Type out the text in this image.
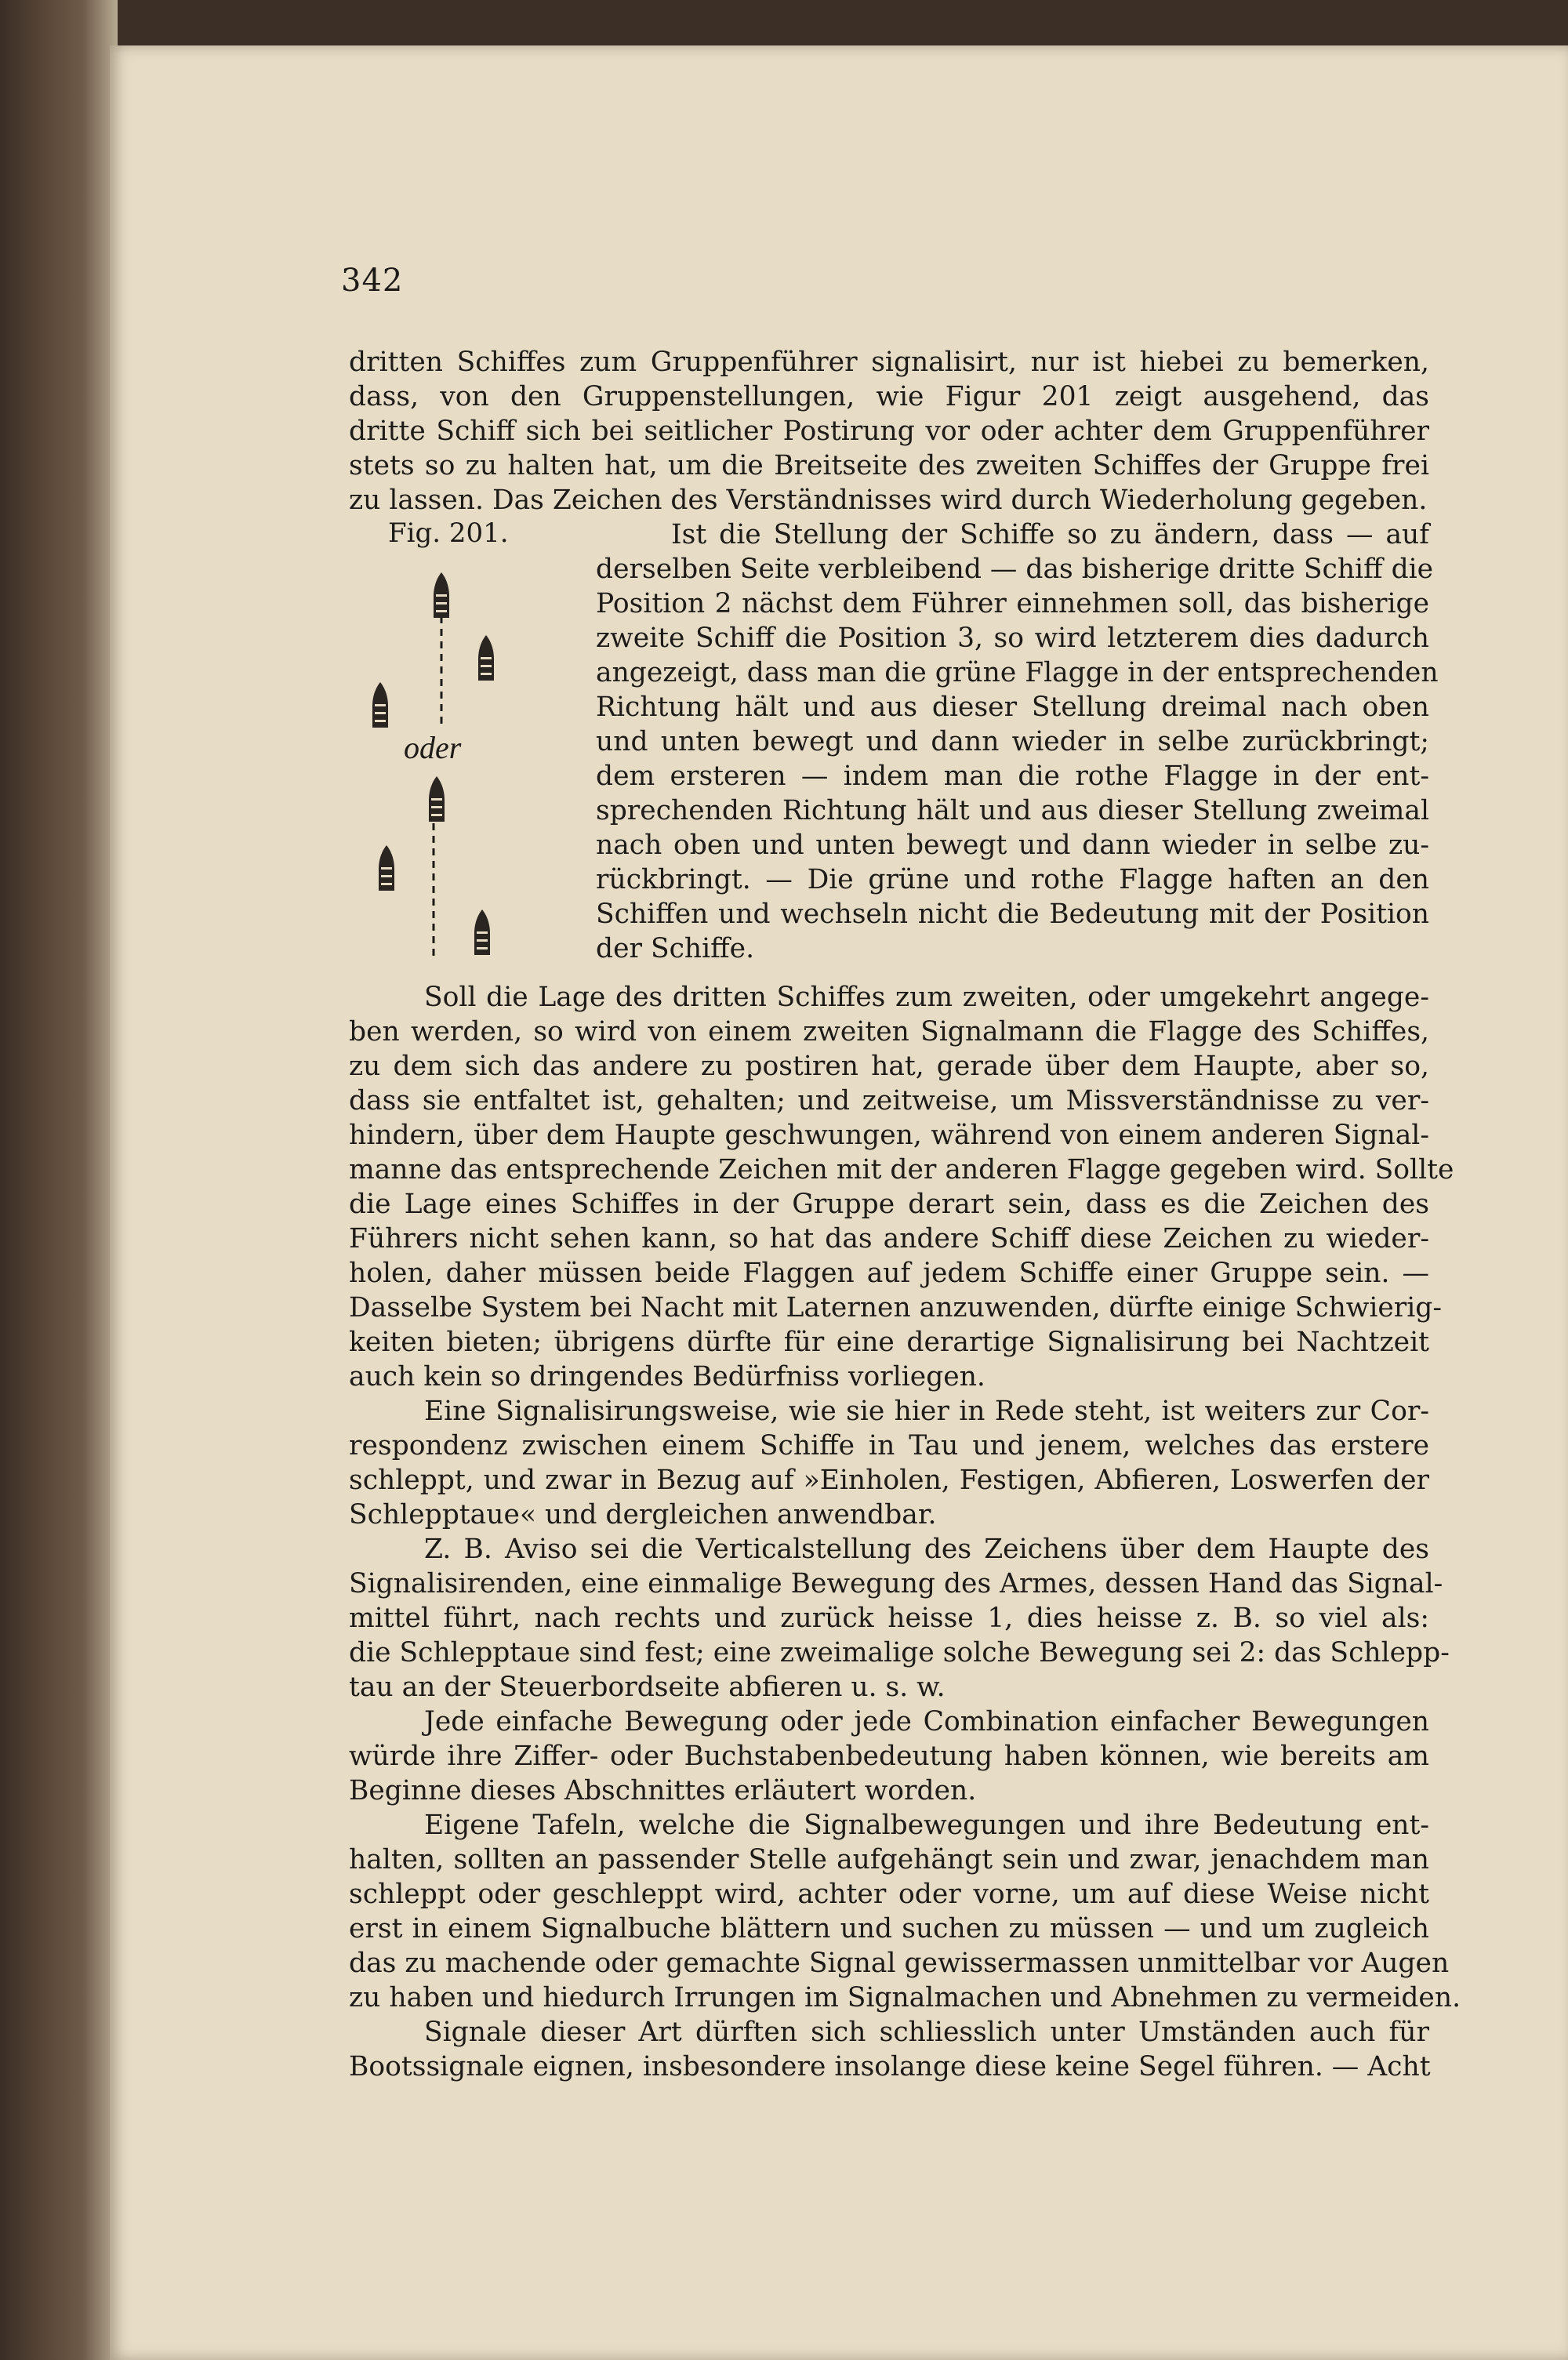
342
dritten Schiffes zum Gruppenführer signalisirt, nur ist hiebei zu bemerken,
dass, von den Gruppenstellungen, wie Figur 201 zeigt ausgehend, das
dritte Schiff sich bei seitlicher Postirung vor oder achter dem Gruppenführer
stets so zu halten hat, um die Breitseite des zweiten Schiffes der Gruppe frei
zu lassen. Das Zeichen des Verständnisses wird durch Wiederholung gegeben.
Fig. 201.
oder
Ist die Stellung der Schiffe so zu ändern, dass — auf
derselben Seite verbleibend — das bisherige dritte Schiff die
Position 2 nächst dem Führer einnehmen soll, das bisherige
zweite Schiff die Position 3, so wird letzterem dies dadurch
angezeigt, dass man die grüne Flagge in der entsprechenden
Richtung hält und aus dieser Stellung dreimal nach oben
und unten bewegt und dann wieder in selbe zurückbringt;
dem ersteren — indem man die rothe Flagge in der ent-
sprechenden Richtung hält und aus dieser Stellung zweimal
nach oben und unten bewegt und dann wieder in selbe zu-
rückbringt. — Die grüne und rothe Flagge haften an den
Schiffen und wechseln nicht die Bedeutung mit der Position
der Schiffe.
Soll die Lage des dritten Schiffes zum zweiten, oder umgekehrt angege-
ben werden, so wird von einem zweiten Signalmann die Flagge des Schiffes,
zu dem sich das andere zu postiren hat, gerade über dem Haupte, aber so,
dass sie entfaltet ist, gehalten; und zeitweise, um Missverständnisse zu ver-
hindern, über dem Haupte geschwungen, während von einem anderen Signal-
manne das entsprechende Zeichen mit der anderen Flagge gegeben wird. Sollte
die Lage eines Schiffes in der Gruppe derart sein, dass es die Zeichen des
Führers nicht sehen kann, so hat das andere Schiff diese Zeichen zu wieder-
holen, daher müssen beide Flaggen auf jedem Schiffe einer Gruppe sein. —
Dasselbe System bei Nacht mit Laternen anzuwenden, dürfte einige Schwierig-
keiten bieten; übrigens dürfte für eine derartige Signalisirung bei Nachtzeit
auch kein so dringendes Bedürfniss vorliegen.
Eine Signalisirungsweise, wie sie hier in Rede steht, ist weiters zur Cor-
respondenz zwischen einem Schiffe in Tau und jenem, welches das erstere
schleppt, und zwar in Bezug auf »Einholen, Festigen, Abfieren, Loswerfen der
Schlepptaue« und dergleichen anwendbar.
Z. B. Aviso sei die Verticalstellung des Zeichens über dem Haupte des
Signalisirenden, eine einmalige Bewegung des Armes, dessen Hand das Signal-
mittel führt, nach rechts und zurück heisse 1, dies heisse z. B. so viel als:
die Schlepptaue sind fest; eine zweimalige solche Bewegung sei 2: das Schlepp-
tau an der Steuerbordseite abfieren u. s. w.
Jede einfache Bewegung oder jede Combination einfacher Bewegungen
würde ihre Ziffer- oder Buchstabenbedeutung haben können, wie bereits am
Beginne dieses Abschnittes erläutert worden.
Eigene Tafeln, welche die Signalbewegungen und ihre Bedeutung ent-
halten, sollten an passender Stelle aufgehängt sein und zwar, jenachdem man
schleppt oder geschleppt wird, achter oder vorne, um auf diese Weise nicht
erst in einem Signalbuche blättern und suchen zu müssen — und um zugleich
das zu machende oder gemachte Signal gewissermassen unmittelbar vor Augen
zu haben und hiedurch Irrungen im Signalmachen und Abnehmen zu vermeiden.
Signale dieser Art dürften sich schliesslich unter Umständen auch für
Bootssignale eignen, insbesondere insolange diese keine Segel führen. — Acht
